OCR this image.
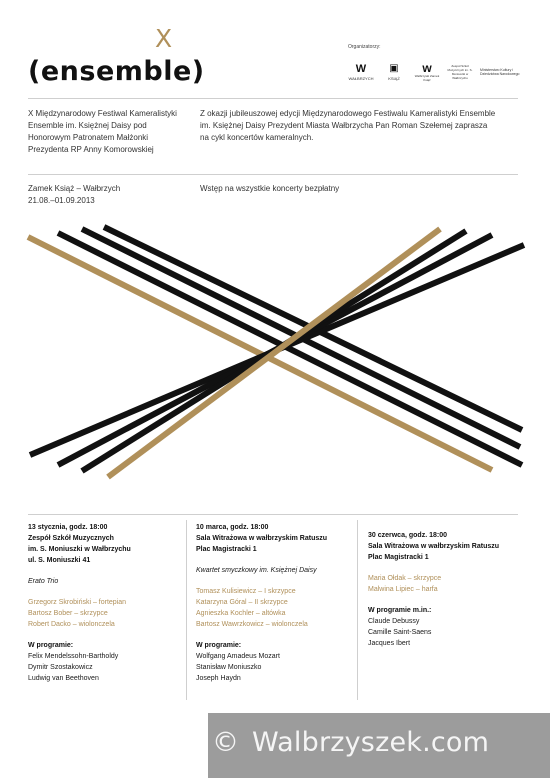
X
(ensemble)
Organizatorzy:
W
WAŁBRZYCH
▣
KSIĄŻ
w
Wałbrzyski Zamek Książ
Zespół Szkół Muzycznych im. S. Moniuszki w Wałbrzychu
Ministerstwo Kultury i Dziedzictwa Narodowego

X Międzynarodowy Festiwal Kameralistyki

Ensemble im. Księżnej Daisy pod

Honorowym Patronatem Małżonki

Prezydenta RP Anny Komorowskiej

Z okazji jubileuszowej edycji Międzynarodowego Festiwalu Kameralistyki Ensemble

im. Księżnej Daisy Prezydent Miasta Wałbrzycha Pan Roman Szełemej zaprasza

na cykl koncertów kameralnych.

Zamek Książ – Wałbrzych

21.08.–01.09.2013

Wstęp na wszystkie koncerty bezpłatny

13 stycznia, godz. 18:00

Zespół Szkół Muzycznych

im. S. Moniuszki w Wałbrzychu

ul. S. Moniuszki 41

Erato Trio

Grzegorz Skrobiński – fortepian

Bartosz Bober – skrzypce

Robert Dacko – wiolonczela

W programie:

Felix Mendelssohn-Bartholdy

Dymitr Szostakowicz

Ludwig van Beethoven

10 marca, godz. 18:00

Sala Witrażowa w wałbrzyskim Ratuszu

Plac Magistracki 1

Kwartet smyczkowy im. Księżnej Daisy

Tomasz Kulisiewicz – I skrzypce

Katarzyna Góral – II skrzypce

Agnieszka Kochler – altówka

Bartosz Wawrzkowicz – wiolonczela

W programie:

Wolfgang Amadeus Mozart

Stanisław Moniuszko

Joseph Haydn

30 czerwca, godz. 18:00

Sala Witrażowa w wałbrzyskim Ratuszu

Plac Magistracki 1

Maria Ołdak – skrzypce

Malwina Lipiec – harfa

W programie m.in.:

Claude Debussy

Camille Saint-Saens

Jacques Ibert

© Walbrzyszek.com
